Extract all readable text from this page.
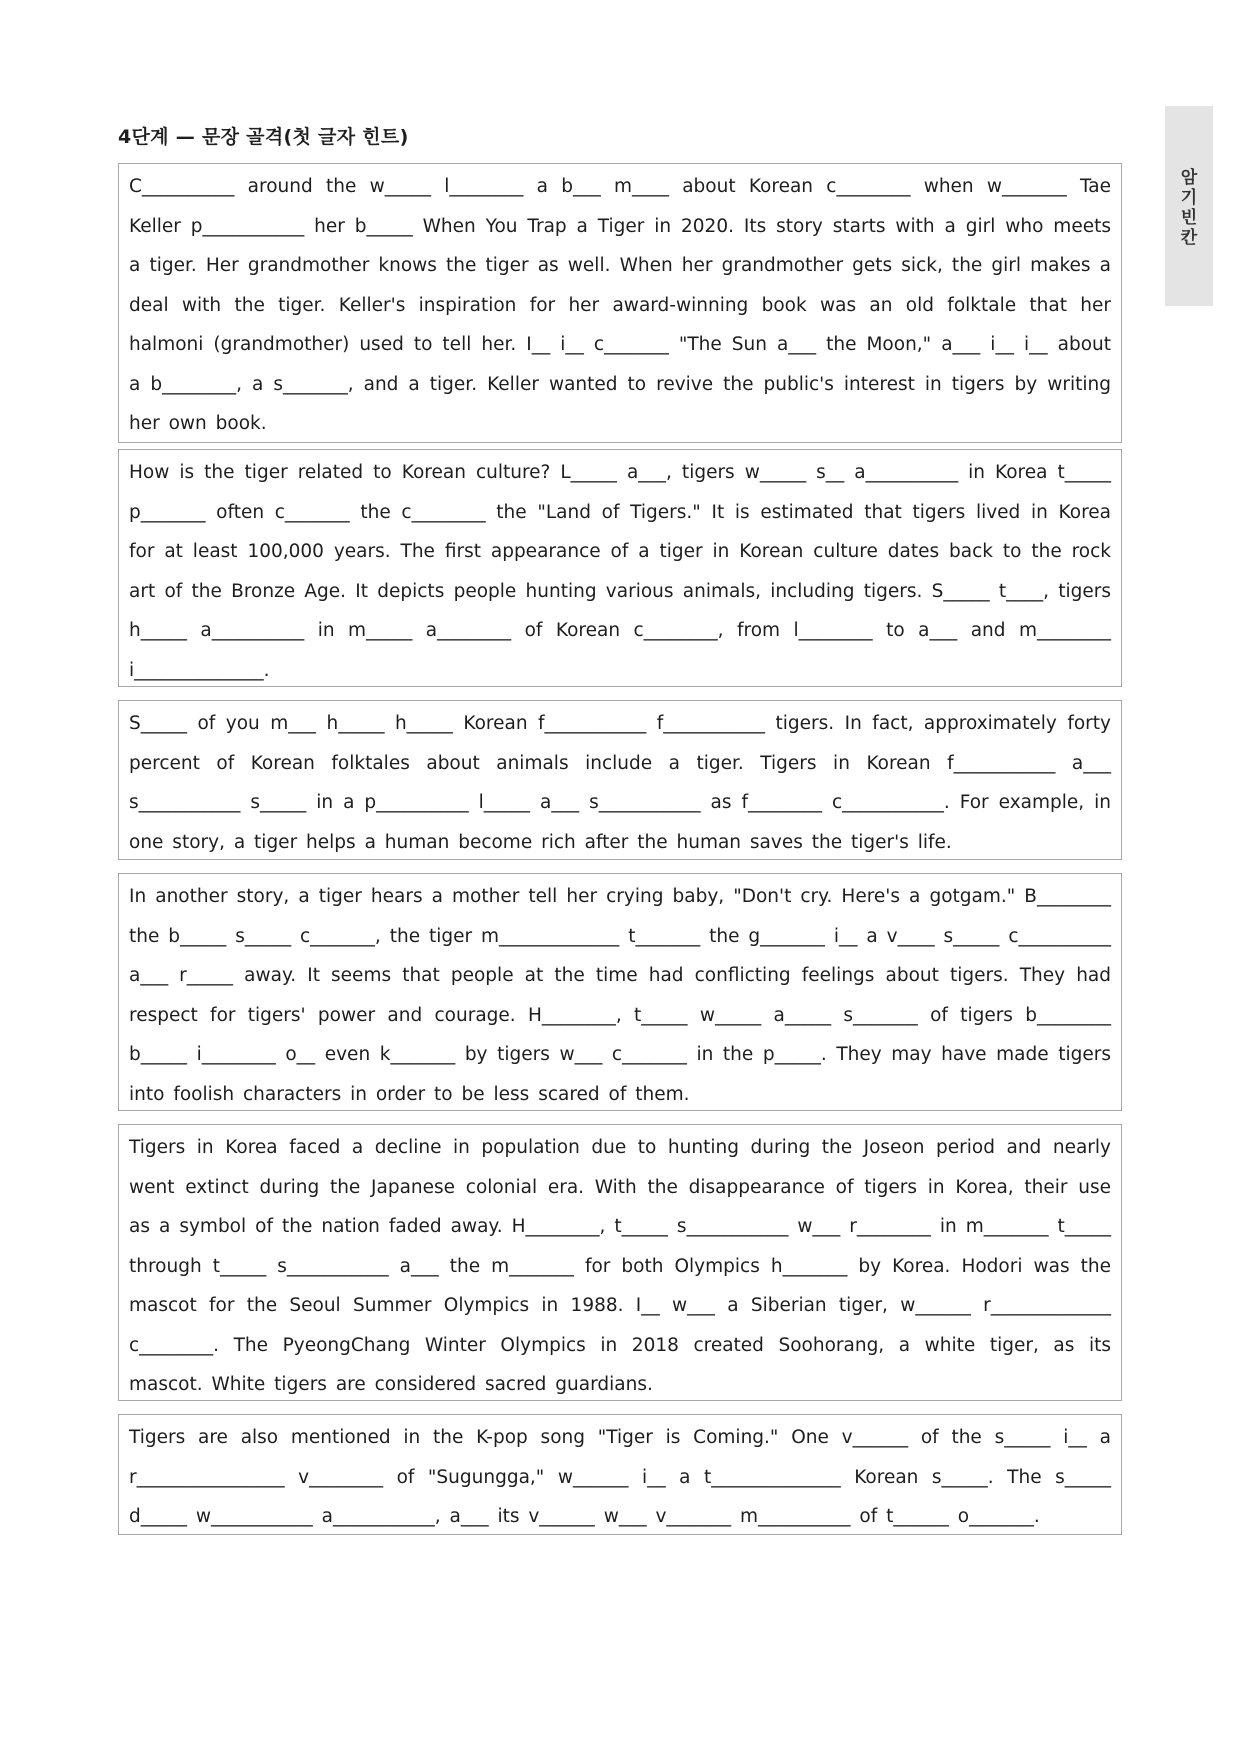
4단계 — 문장 골격(첫 글자 힌트)
암
기
빈
칸
C__________ around the w_____ l________ a b___ m____ about Korean c________ when w_______ Tae Keller p___________ her b_____ When You Trap a Tiger in 2020. Its story starts with a girl who meets a tiger. Her grandmother knows the tiger as well. When her grandmother gets sick, the girl makes a deal with the tiger. Keller's inspiration for her award-winning book was an old folktale that her halmoni (grandmother) used to tell her. I__ i__ c_______ "The Sun a___ the Moon," a___ i__ i__ about a b________, a s_______, and a tiger. Keller wanted to revive the public's interest in tigers by writing her own book.
How is the tiger related to Korean culture? L_____ a___, tigers w_____ s__ a__________ in Korea t_____ p_______ often c_______ the c________ the "Land of Tigers." It is estimated that tigers lived in Korea for at least 100,000 years. The first appearance of a tiger in Korean culture dates back to the rock art of the Bronze Age. It depicts people hunting various animals, including tigers. S_____ t____, tigers h_____ a__________ in m_____ a________ of Korean c________, from l________ to a___ and m________ i______________.
S_____ of you m___ h_____ h_____ Korean f___________ f___________ tigers. In fact, approximately forty percent of Korean folktales about animals include a tiger. Tigers in Korean f___________ a___ s___________ s_____ in a p__________ l_____ a___ s___________ as f________ c___________. For example, in one story, a tiger helps a human become rich after the human saves the tiger's life.
In another story, a tiger hears a mother tell her crying baby, "Don't cry. Here's a gotgam." B________ the b_____ s_____ c_______, the tiger m_____________ t_______ the g_______ i__ a v____ s_____ c__________ a___ r_____ away. It seems that people at the time had conflicting feelings about tigers. They had respect for tigers' power and courage. H________, t_____ w_____ a_____ s_______ of tigers b________ b_____ i________ o__ even k_______ by tigers w___ c_______ in the p_____. They may have made tigers into foolish characters in order to be less scared of them.
Tigers in Korea faced a decline in population due to hunting during the Joseon period and nearly went extinct during the Japanese colonial era. With the disappearance of tigers in Korea, their use as a symbol of the nation faded away. H________, t_____ s___________ w___ r________ in m_______ t_____ through t_____ s___________ a___ the m_______ for both Olympics h_______ by Korea. Hodori was the mascot for the Seoul Summer Olympics in 1988. I__ w___ a Siberian tiger, w______ r_____________ c________. The PyeongChang Winter Olympics in 2018 created Soohorang, a white tiger, as its mascot. White tigers are considered sacred guardians.
Tigers are also mentioned in the K-pop song "Tiger is Coming." One v______ of the s_____ i__ a r________________ v________ of "Sugungga," w______ i__ a t______________ Korean s_____. The s_____ d_____ w___________ a___________, a___ its v______ w___ v_______ m__________ of t______ o_______.
